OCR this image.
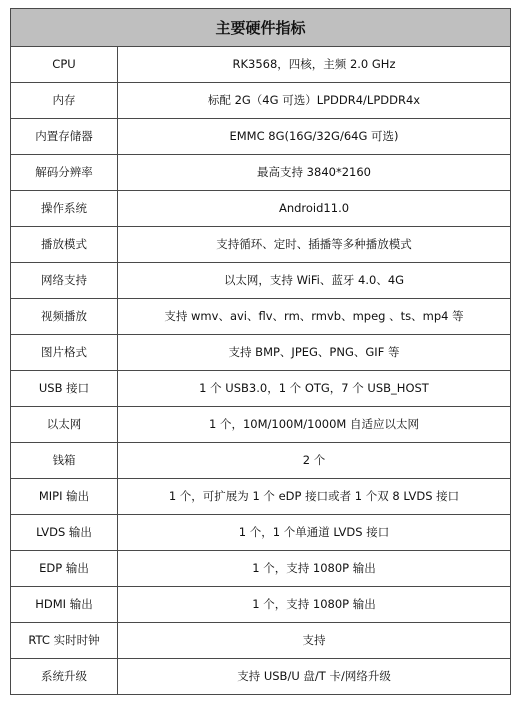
主要硬件指标	
CPU	RK3568，四核，主频 2.0 GHz
内存	标配 2G（4G 可选）LPDDR4/LPDDR4x
内置存储器	EMMC 8G(16G/32G/64G 可选)
解码分辨率	最高支持 3840*2160
操作系统	Android11.0
播放模式	支持循环、定时、插播等多种播放模式
网络支持	以太网，支持 WiFi、蓝牙 4.0、4G
视频播放	支持 wmv、avi、flv、rm、rmvb、mpeg 、ts、mp4 等
图片格式	支持 BMP、JPEG、PNG、GIF 等
USB 接口	1 个 USB3.0，1 个 OTG，7 个 USB_HOST
以太网	1 个，10M/100M/1000M 自适应以太网
钱箱	2 个
MIPI 输出	1 个，可扩展为 1 个 eDP 接口或者 1 个双 8 LVDS 接口
LVDS 输出	1 个，1 个单通道 LVDS 接口
EDP 输出	1 个，支持 1080P 输出
HDMI 输出	1 个，支持 1080P 输出
RTC 实时时钟	支持
系统升级	支持 USB/U 盘/T 卡/网络升级
